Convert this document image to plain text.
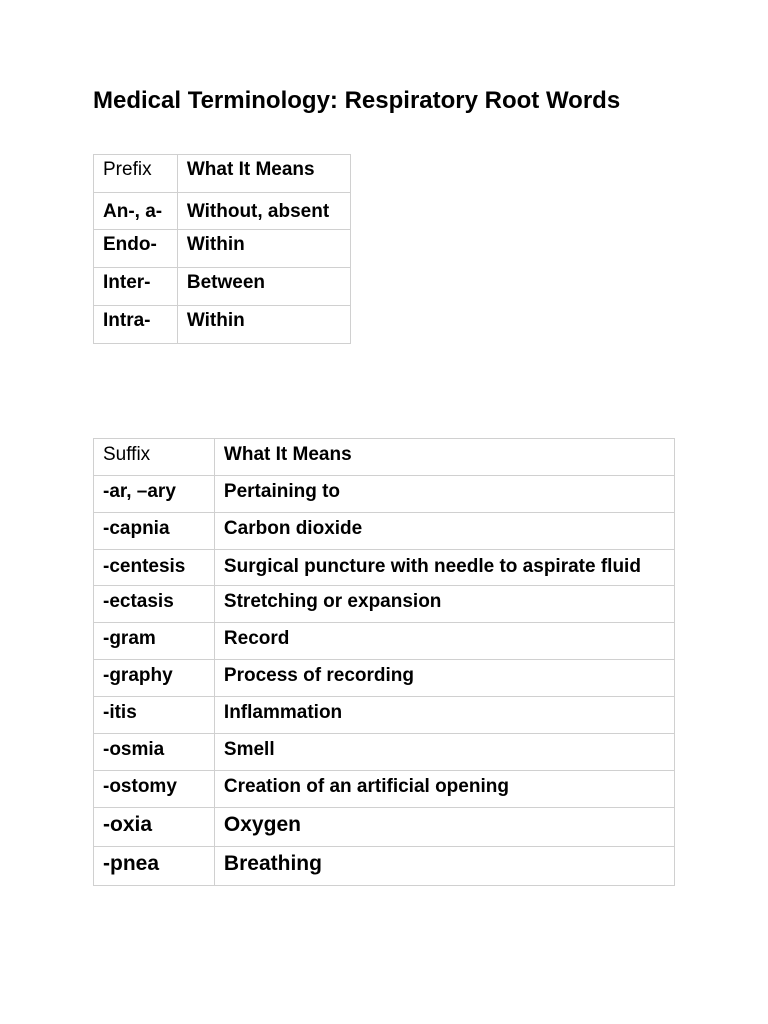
Medical Terminology: Respiratory Root Words
Prefix	What It Means
An-, a-	Without, absent
Endo-	Within
Inter-	Between
Intra-	Within
Suffix	What It Means
-ar, –ary	Pertaining to
-capnia	Carbon dioxide
-centesis	Surgical puncture with needle to aspirate fluid
-ectasis	Stretching or expansion
-gram	Record
-graphy	Process of recording
-itis	Inflammation
-osmia	Smell
-ostomy	Creation of an artificial opening
-oxia	Oxygen
-pnea	Breathing
